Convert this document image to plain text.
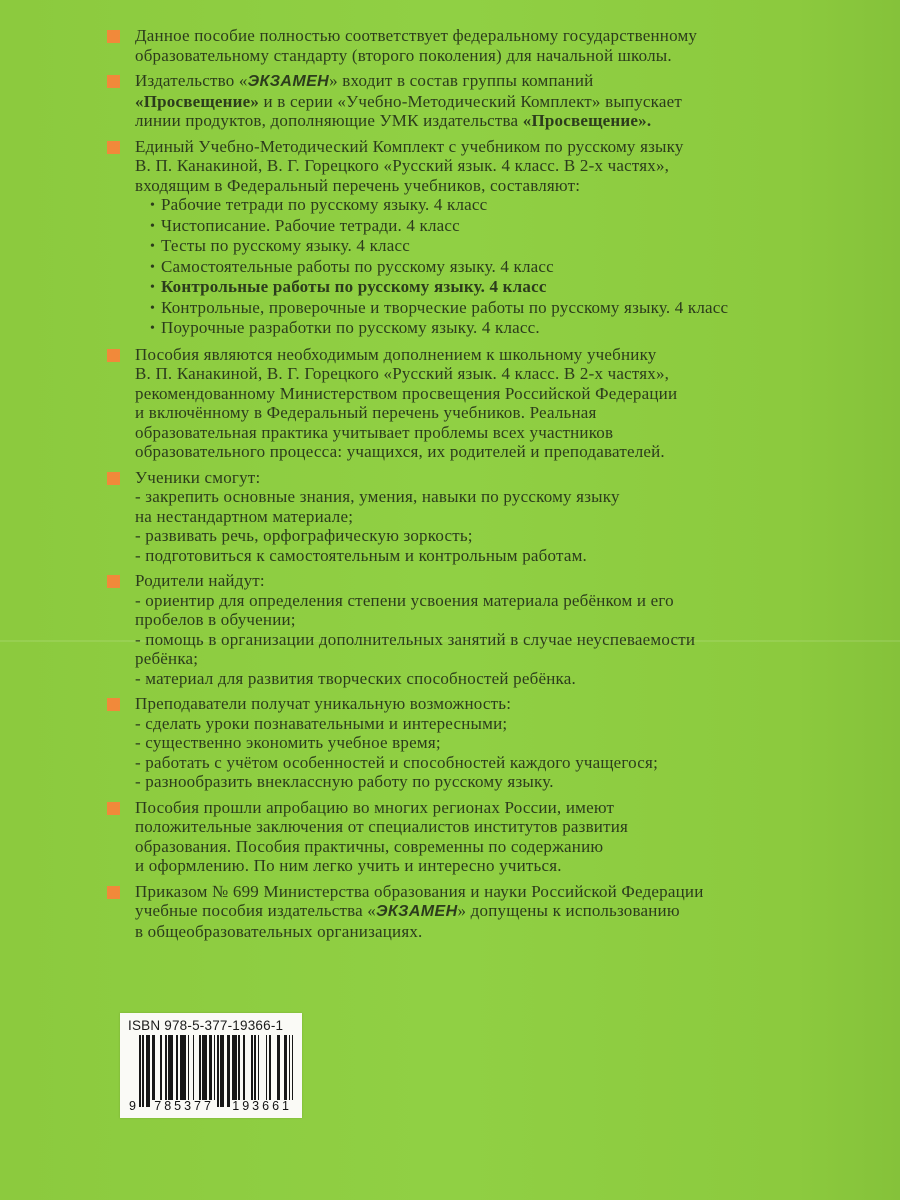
Данное пособие полностью соответствует федеральному государственному
образовательному стандарту (второго поколения) для начальной школы.
Издательство «ЭКЗАМЕН» входит в состав группы компаний
«Просвещение» и в серии «Учебно-Методический Комплект» выпускает
линии продуктов, дополняющие УМК издательства «Просвещение».
Единый Учебно-Методический Комплект с учебником по русскому языку
В. П. Канакиной, В. Г. Горецкого «Русский язык. 4 класс. В 2-х частях»,
входящим в Федеральный перечень учебников, составляют:
• Рабочие тетради по русскому языку. 4 класс
• Чистописание. Рабочие тетради. 4 класс
• Тесты по русскому языку. 4 класс
• Самостоятельные работы по русскому языку. 4 класс
• Контрольные работы по русскому языку. 4 класс
• Контрольные, проверочные и творческие работы по русскому языку. 4 класс
• Поурочные разработки по русскому языку. 4 класс.
Пособия являются необходимым дополнением к школьному учебнику
В. П. Канакиной, В. Г. Горецкого «Русский язык. 4 класс. В 2-х частях»,
рекомендованному Министерством просвещения Российской Федерации
и включённому в Федеральный перечень учебников. Реальная
образовательная практика учитывает проблемы всех участников
образовательного процесса: учащихся, их родителей и преподавателей.
Ученики смогут:
- закрепить основные знания, умения, навыки по русскому языку
на нестандартном материале;
- развивать речь, орфографическую зоркость;
- подготовиться к самостоятельным и контрольным работам.
Родители найдут:
- ориентир для определения степени усвоения материала ребёнком и его
пробелов в обучении;
- помощь в организации дополнительных занятий в случае неуспеваемости
ребёнка;
- материал для развития творческих способностей ребёнка.
Преподаватели получат уникальную возможность:
- сделать уроки познавательными и интересными;
- существенно экономить учебное время;
- работать с учётом особенностей и способностей каждого учащегося;
- разнообразить внеклассную работу по русскому языку.
Пособия прошли апробацию во многих регионах России, имеют
положительные заключения от специалистов институтов развития
образования. Пособия практичны, современны по содержанию
и оформлению. По ним легко учить и интересно учиться.
Приказом № 699 Министерства образования и науки Российской Федерации
учебные пособия издательства «ЭКЗАМЕН» допущены к использованию
в общеобразовательных организациях.
ISBN 978-5-377-19366-1
9 785377 193661
